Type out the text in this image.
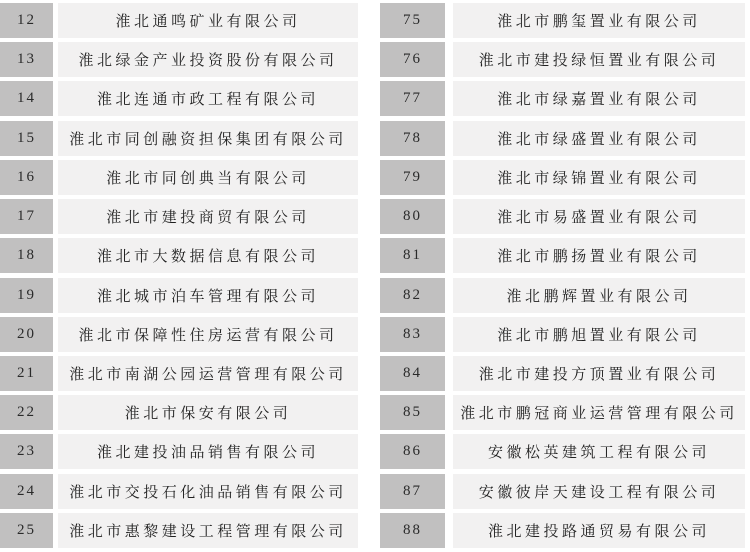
12	淮北通鸣矿业有限公司
13	淮北绿金产业投资股份有限公司
14	淮北连通市政工程有限公司
15	淮北市同创融资担保集团有限公司
16	淮北市同创典当有限公司
17	淮北市建投商贸有限公司
18	淮北市大数据信息有限公司
19	淮北城市泊车管理有限公司
20	淮北市保障性住房运营有限公司
21	淮北市南湖公园运营管理有限公司
22	淮北市保安有限公司
23	淮北建投油品销售有限公司
24	淮北市交投石化油品销售有限公司
25	淮北市惠黎建设工程管理有限公司
75	淮北市鹏玺置业有限公司
76	淮北市建投绿恒置业有限公司
77	淮北市绿嘉置业有限公司
78	淮北市绿盛置业有限公司
79	淮北市绿锦置业有限公司
80	淮北市易盛置业有限公司
81	淮北市鹏扬置业有限公司
82	淮北鹏辉置业有限公司
83	淮北市鹏旭置业有限公司
84	淮北市建投方顶置业有限公司
85	淮北市鹏冠商业运营管理有限公司
86	安徽松英建筑工程有限公司
87	安徽彼岸天建设工程有限公司
88	淮北建投路通贸易有限公司
